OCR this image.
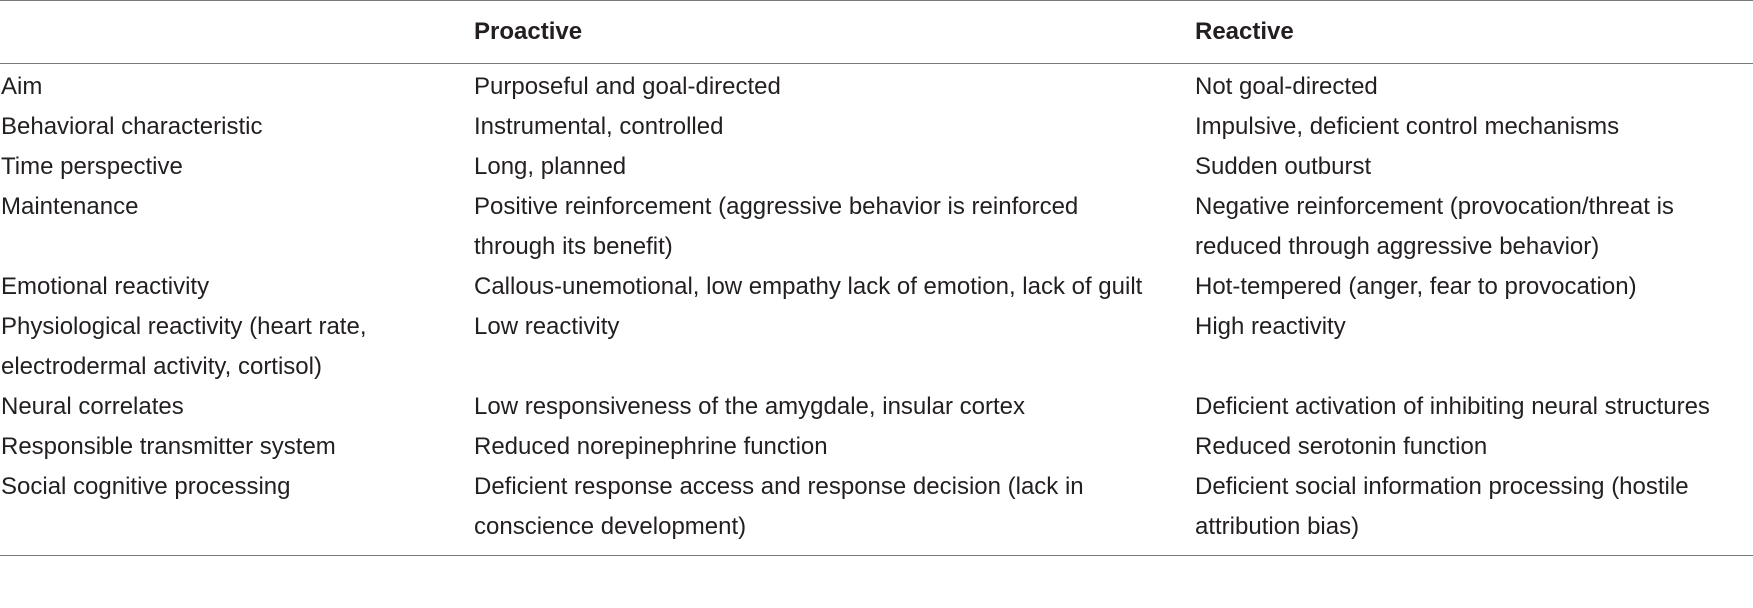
	Proactive	Reactive
Aim	Purposeful and goal-directed	Not goal-directed
Behavioral characteristic	Instrumental, controlled	Impulsive, deficient control mechanisms
Time perspective	Long, planned	Sudden outburst
Maintenance	Positive reinforcement (aggressive behavior is reinforced through its benefit)	Negative reinforcement (provocation/threat is reduced through aggressive behavior)
Emotional reactivity	Callous-unemotional, low empathy lack of emotion, lack of guilt	Hot-tempered (anger, fear to provocation)
Physiological reactivity (heart rate, electrodermal activity, cortisol)	Low reactivity	High reactivity
Neural correlates	Low responsiveness of the amygdale, insular cortex	Deficient activation of inhibiting neural structures
Responsible transmitter system	Reduced norepinephrine function	Reduced serotonin function
Social cognitive processing	Deficient response access and response decision (lack in conscience development)	Deficient social information processing (hostile attribution bias)
